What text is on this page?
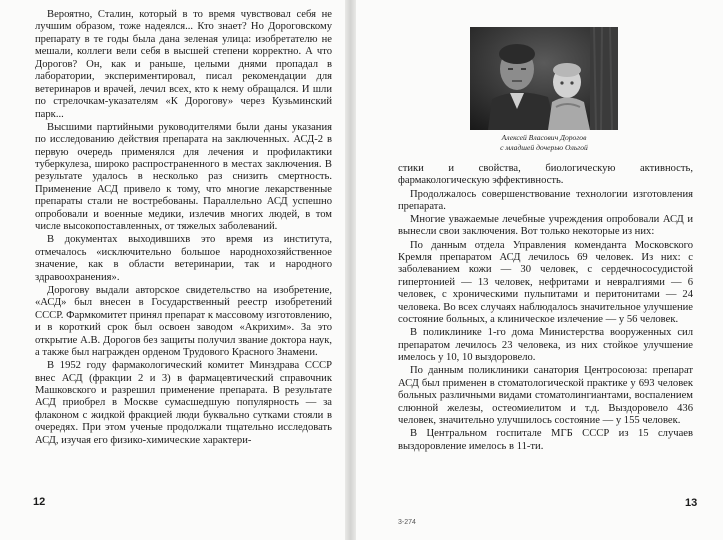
Вероятно, Сталин, который в то время чувствовал себя не лучшим образом, тоже надеялся... Кто знает? Но Дороговскому препарату в те годы была дана зеленая улица: изобретателю не мешали, коллеги вели себя в высшей степени корректно. А что Дорогов? Он, как и раньше, целыми днями пропадал в лаборатории, экспериментировал, писал рекомендации для ветеринаров и врачей, лечил всех, кто к нему обращался. И шли по стрелочкам-указателям «К Дорогову» через Кузьминский парк...

Высшими партийными руководителями были даны указания по исследованию действия препарата на заключенных. АСД-2 в первую очередь применялся для лечения и профилактики туберкулеза, широко распространенного в местах заключения. В результате удалось в несколько раз снизить смертность. Применение АСД привело к тому, что многие лекарственные препараты стали не востребованы. Параллельно АСД успешно опробовали и военные медики, излечив многих людей, в том числе высокопоставленных, от тяжелых заболеваний.

В документах выходившихв это время из института, отмечалось «исключительно большое народнохозяйственное значение, как в области ветеринарии, так и народного здравоохранения».

Дорогову выдали авторское свидетельство на изобретение, «АСД» был внесен в Государственный реестр изобретений СССР. Фармкомитет принял препарат к массовому изготовлению, и в короткий срок был освоен заводом «Акрихим». За это открытие А.В. Дорогов без защиты получил звание доктора наук, а также был награжден орденом Трудового Красного Знамени.

В 1952 году фармакологический комитет Минздрава СССР внес АСД (фракции 2 и 3) в фармацевтический справочник Машковского и разрешил применение препарата. В результате АСД приобрел в Москве сумасшедшую популярность — за флаконом с жидкой фракцией люди буквально сутками стояли в очередях. При этом ученые продолжали тщательно исследовать АСД, изучая его физико-химические характери-

12
Алексей Власович Дорогов
с младшей дочерью Ольгой

стики и свойства, биологическую активность, фармакологическую эффективность.

Продолжалось совершенствование технологии изготовления препарата.

Многие уважаемые лечебные учреждения опробовали АСД и вынесли свои заключения. Вот только некоторые из них:

По данным отдела Управления коменданта Московского Кремля препаратом АСД лечилось 69 человек. Из них: с заболеванием кожи — 30 человек, с сердечнососудистой гипертонией — 13 человек, нефритами и невралгиями — 6 человек, с хроническими пульпитами и перитонитами — 24 человека. Во всех случаях наблюдалось значительное улучшение состояние больных, а клиническое излечение — у 56 человек.

В поликлинике 1-го дома Министерства вооруженных сил препаратом лечилось 23 человека, из них стойкое улучшение имелось у 10, 10 выздоровело.

По данным поликлиники санатория Центросоюза: препарат АСД был применен в стоматологической практике у 693 человек больных различными видами стоматолингиантами, воспалением слюнной железы, остеомиелитом и т.д. Выздоровело 436 человек, значительно улучшилось состояние — у 155 человек.

В Центральном госпитале МГБ СССР из 15 случаев выздоровление имелось в 11-ти.

13
3-274
